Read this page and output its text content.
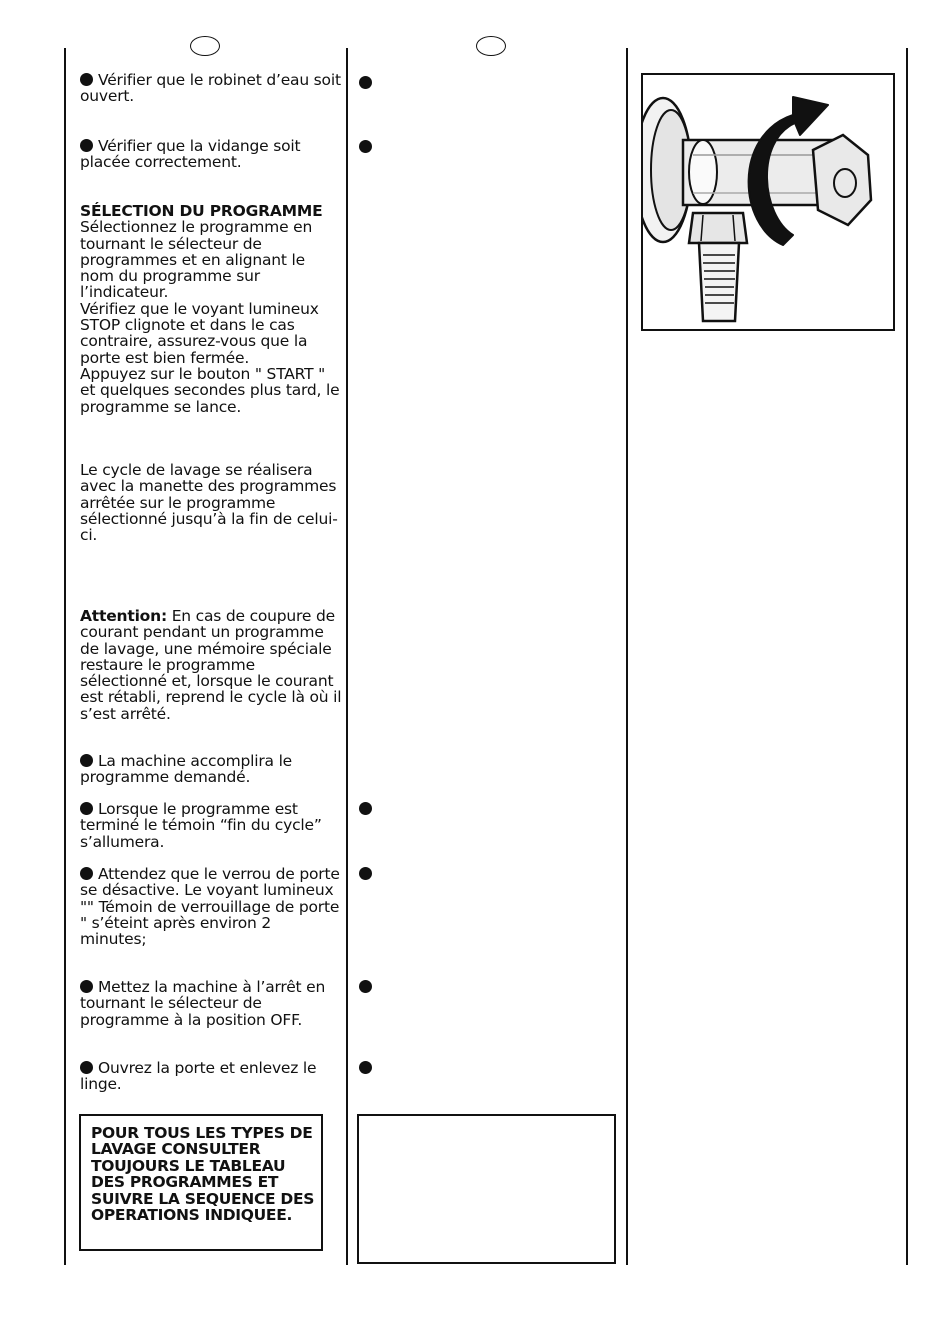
Vérifier que le robinet d’eau soit ouvert.

Vérifier que la vidange soit placée correctement.

SÉLECTION DU PROGRAMME
Sélectionnez le programme en tournant le sélecteur de programmes et en alignant le nom du programme sur l’indicateur.
Vérifiez que le voyant lumineux STOP clignote et dans le cas contraire, assurez-vous que la porte est bien fermée.
Appuyez sur le bouton " START " et quelques secondes plus tard, le programme se lance.

Le cycle de lavage se réalisera avec la manette des programmes arrêtée sur le programme sélectionné jusqu’à la fin de celui-ci.

Attention: En cas de coupure de courant pendant un programme de lavage, une mémoire spéciale restaure le programme sélectionné et, lorsque le courant est rétabli, reprend le cycle là où il s’est arrêté.

La machine accomplira le programme demandé.

Lorsque le programme est terminé le témoin “fin du cycle” s’allumera.

Attendez que le verrou de porte se désactive. Le voyant lumineux "" Témoin de verrouillage de porte " s’éteint après environ 2 minutes;

Mettez la machine à l’arrêt en tournant le sélecteur de programme à la position OFF.

Ouvrez la porte et enlevez le linge.

POUR TOUS LES TYPES DE
LAVAGE CONSULTER
TOUJOURS LE TABLEAU
DES PROGRAMMES ET
SUIVRE LA SEQUENCE DES
OPERATIONS INDIQUEE.
